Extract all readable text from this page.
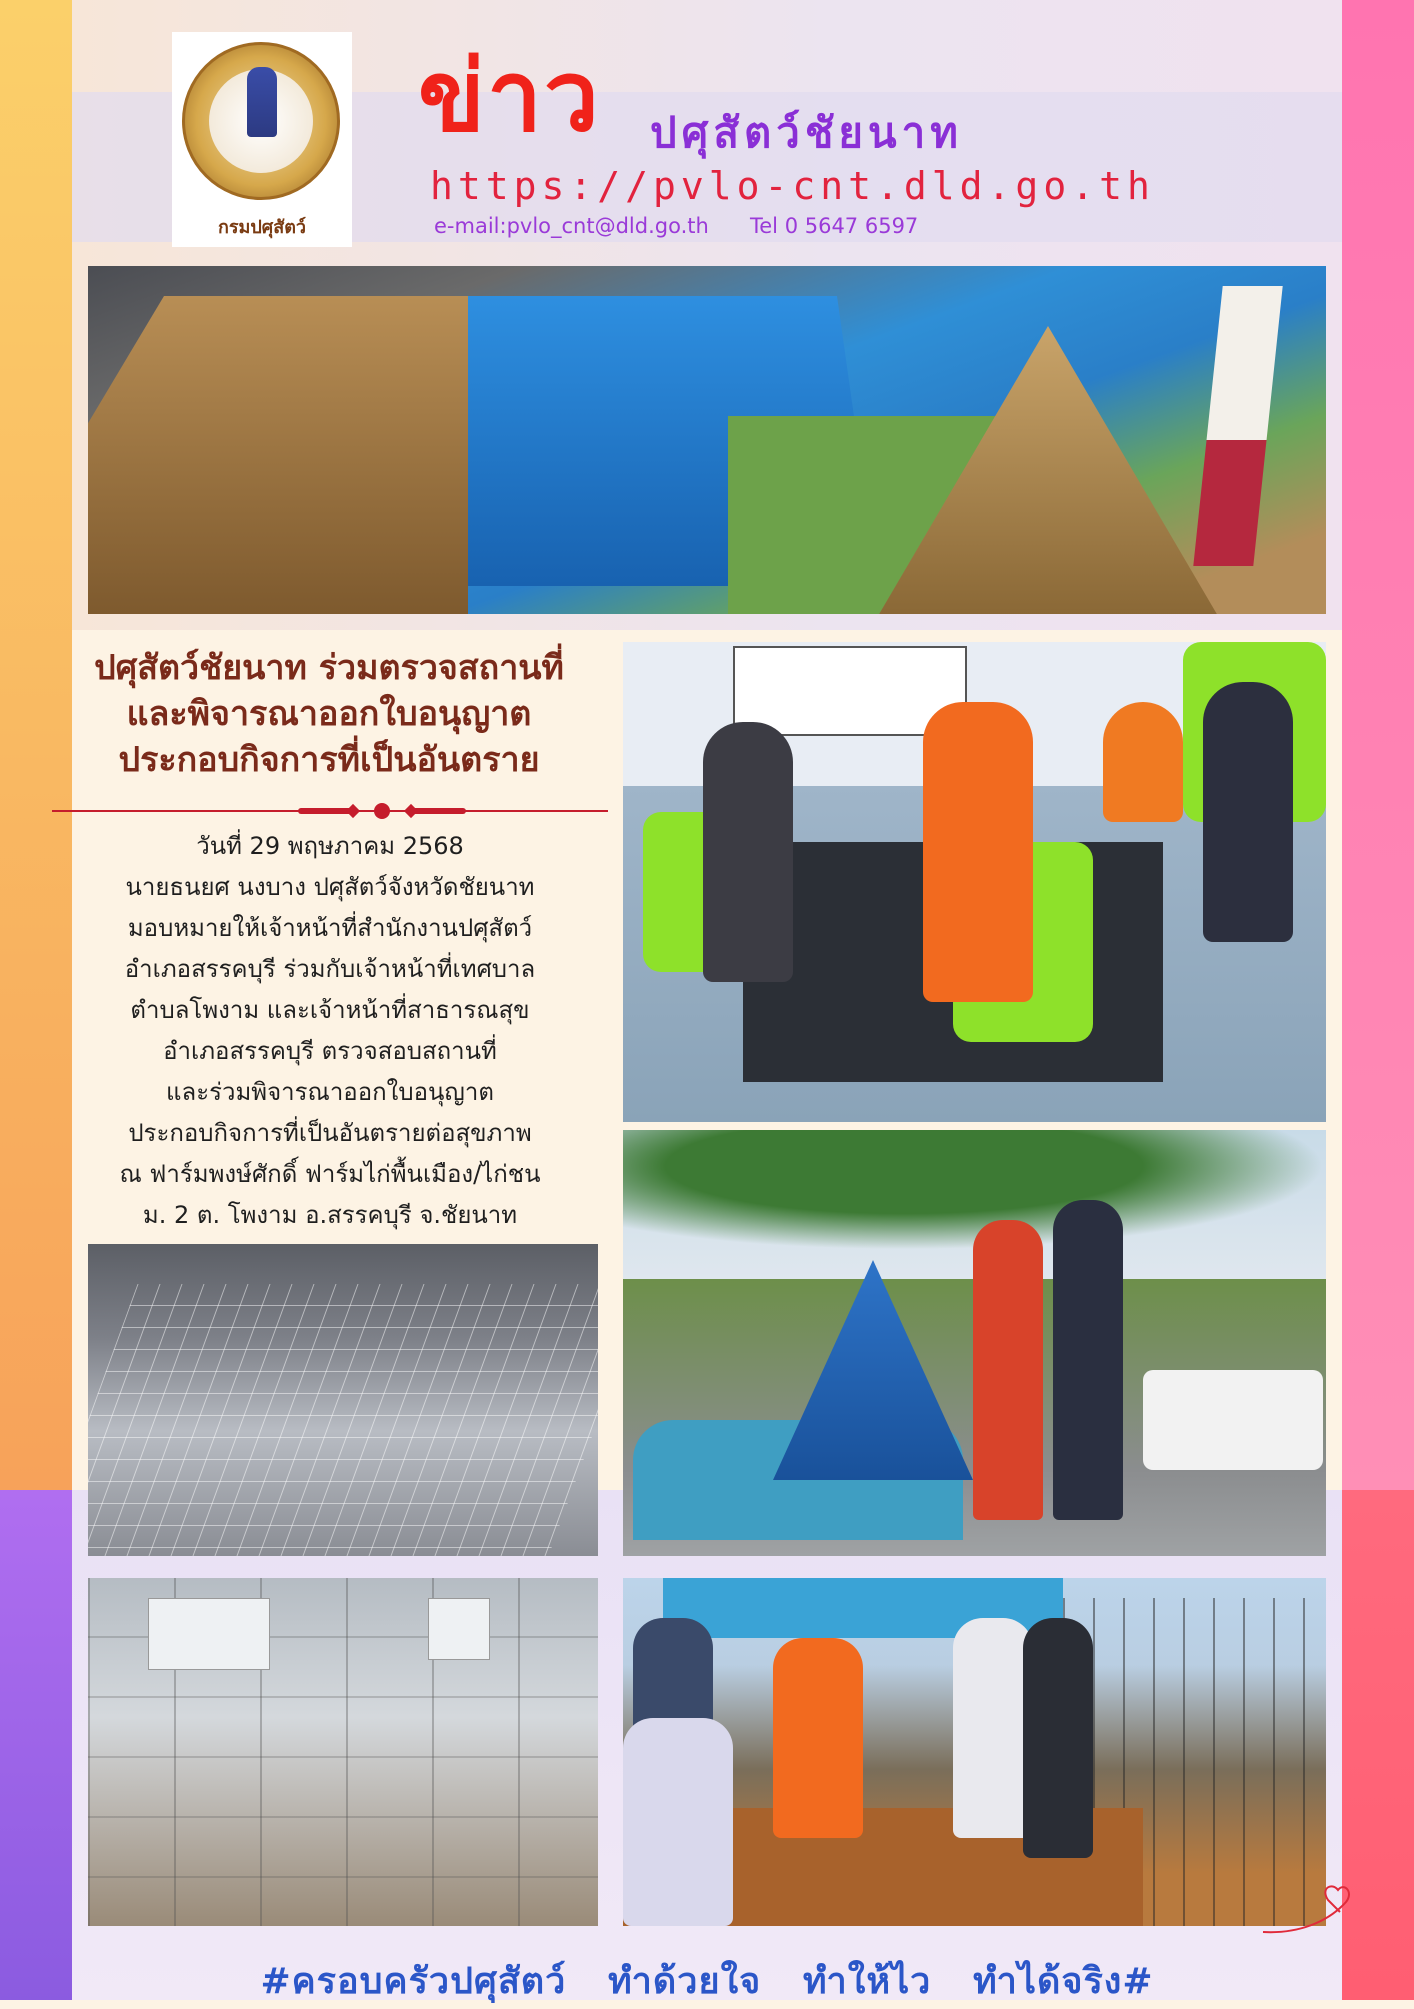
กรมปศุสัตว์
ข่าว ปศุสัตว์ชัยนาท
https://pvlo-cnt.dld.go.th
e-mail:pvlo_cnt@dld.go.th Tel 0 5647 6597
ปศุสัตว์ชัยนาท ร่วมตรวจสถานที่
และพิจารณาออกใบอนุญาต
ประกอบกิจการที่เป็นอันตราย
วันที่ 29 พฤษภาคม 2568
นายธนยศ นงบาง ปศุสัตว์จังหวัดชัยนาท
มอบหมายให้เจ้าหน้าที่สำนักงานปศุสัตว์
อำเภอสรรคบุรี ร่วมกับเจ้าหน้าที่เทศบาล
ตำบลโพงาม และเจ้าหน้าที่สาธารณสุข
อำเภอสรรคบุรี ตรวจสอบสถานที่
และร่วมพิจารณาออกใบอนุญาต
ประกอบกิจการที่เป็นอันตรายต่อสุขภาพ
ณ ฟาร์มพงษ์ศักดิ์ ฟาร์มไก่พื้นเมือง/ไก่ชน
ม. 2 ต. โพงาม อ.สรรคบุรี จ.ชัยนาท
#ครอบครัวปศุสัตว์ ทำด้วยใจ ทำให้ไว ทำได้จริง#
